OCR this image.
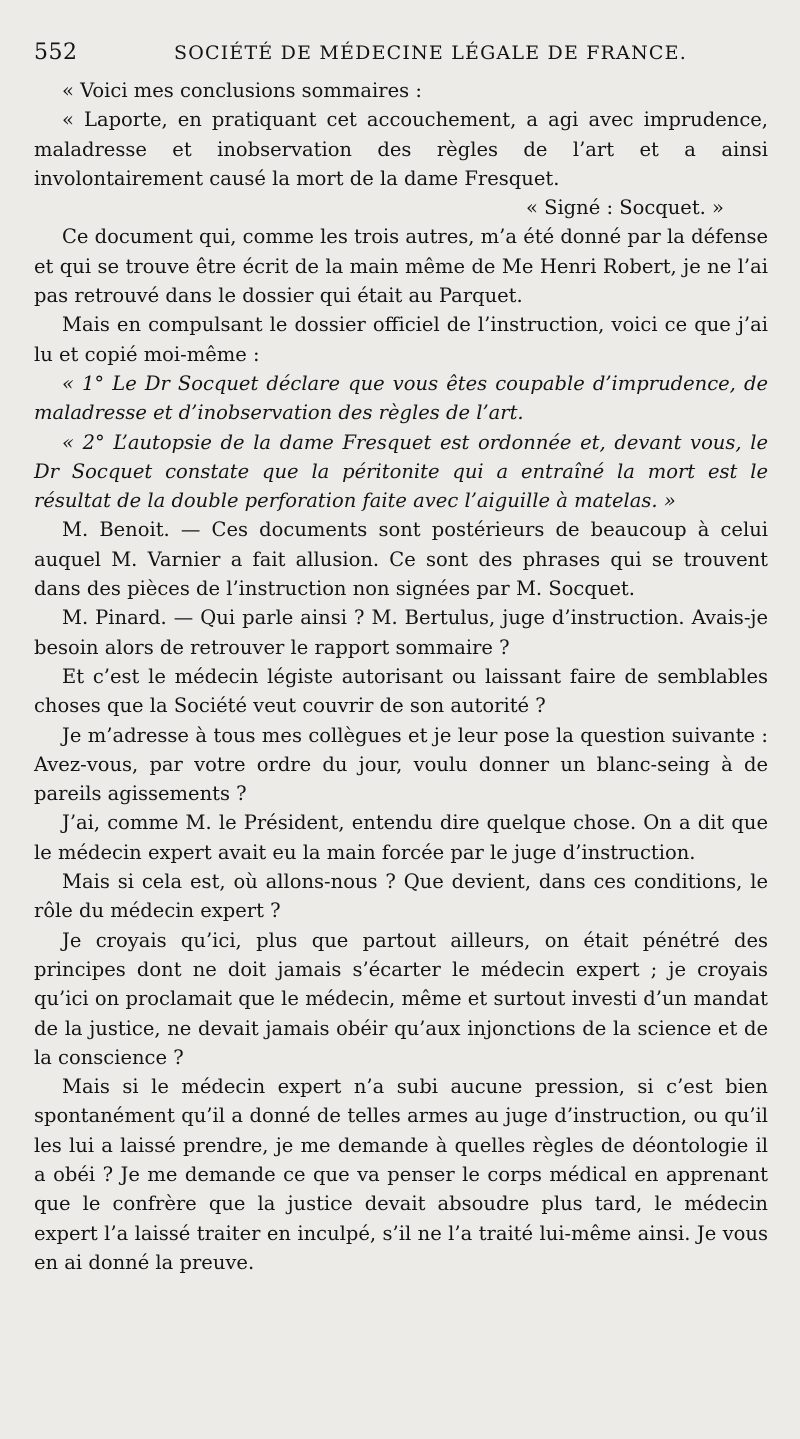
552	SOCIÉTÉ DE MÉDECINE LÉGALE DE FRANCE.

« Voici mes conclusions sommaires :

« Laporte, en pratiquant cet accouchement, a agi avec imprudence, maladresse et inobservation des règles de l’art et a ainsi involontairement causé la mort de la dame Fresquet.

« Signé : Socquet. »

Ce document qui, comme les trois autres, m’a été donné par la défense et qui se trouve être écrit de la main même de Me Henri Robert, je ne l’ai pas retrouvé dans le dossier qui était au Parquet.

Mais en compulsant le dossier officiel de l’instruction, voici ce que j’ai lu et copié moi-même :

« 1° Le Dr Socquet déclare que vous êtes coupable d’imprudence, de maladresse et d’inobservation des règles de l’art.

« 2° L’autopsie de la dame Fresquet est ordonnée et, devant vous, le Dr Socquet constate que la péritonite qui a entraîné la mort est le résultat de la double perforation faite avec l’aiguille à matelas. »

M. Benoit. — Ces documents sont postérieurs de beaucoup à celui auquel M. Varnier a fait allusion. Ce sont des phrases qui se trouvent dans des pièces de l’instruction non signées par M. Socquet.

M. Pinard. — Qui parle ainsi ? M. Bertulus, juge d’instruction. Avais-je besoin alors de retrouver le rapport sommaire ?

Et c’est le médecin légiste autorisant ou laissant faire de semblables choses que la Société veut couvrir de son autorité ?

Je m’adresse à tous mes collègues et je leur pose la question suivante : Avez-vous, par votre ordre du jour, voulu donner un blanc-seing à de pareils agissements ?

J’ai, comme M. le Président, entendu dire quelque chose. On a dit que le médecin expert avait eu la main forcée par le juge d’instruction.

Mais si cela est, où allons-nous ? Que devient, dans ces conditions, le rôle du médecin expert ?

Je croyais qu’ici, plus que partout ailleurs, on était pénétré des principes dont ne doit jamais s’écarter le médecin expert ; je croyais qu’ici on proclamait que le médecin, même et surtout investi d’un mandat de la justice, ne devait jamais obéir qu’aux injonctions de la science et de la conscience ?

Mais si le médecin expert n’a subi aucune pression, si c’est bien spontanément qu’il a donné de telles armes au juge d’instruction, ou qu’il les lui a laissé prendre, je me demande à quelles règles de déontologie il a obéi ? Je me demande ce que va penser le corps médical en apprenant que le confrère que la justice devait absoudre plus tard, le médecin expert l’a laissé traiter en inculpé, s’il ne l’a traité lui-même ainsi. Je vous en ai donné la preuve.
